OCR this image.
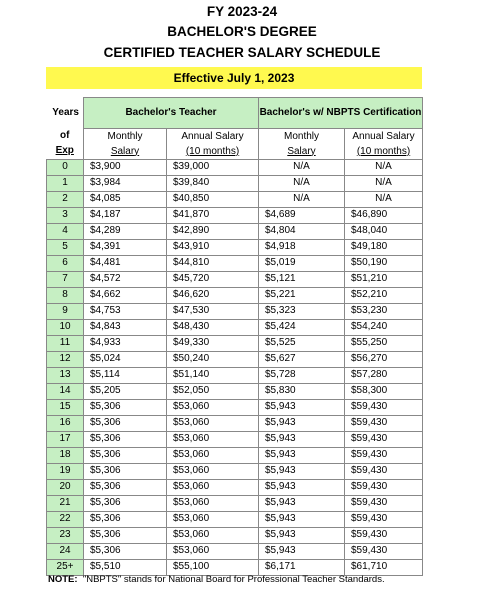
FY 2023-24
BACHELOR'S DEGREE
CERTIFIED TEACHER SALARY SCHEDULE
Effective July 1, 2023
Years	Bachelor's Teacher		Bachelor's w/ NBPTS Certification	
of	Monthly	Annual Salary	Monthly	Annual Salary
Exp	Salary	(10 months)	Salary	(10 months)
0	$3,900	$39,000	N/A	N/A
1	$3,984	$39,840	N/A	N/A
2	$4,085	$40,850	N/A	N/A
3	$4,187	$41,870	$4,689	$46,890
4	$4,289	$42,890	$4,804	$48,040
5	$4,391	$43,910	$4,918	$49,180
6	$4,481	$44,810	$5,019	$50,190
7	$4,572	$45,720	$5,121	$51,210
8	$4,662	$46,620	$5,221	$52,210
9	$4,753	$47,530	$5,323	$53,230
10	$4,843	$48,430	$5,424	$54,240
11	$4,933	$49,330	$5,525	$55,250
12	$5,024	$50,240	$5,627	$56,270
13	$5,114	$51,140	$5,728	$57,280
14	$5,205	$52,050	$5,830	$58,300
15	$5,306	$53,060	$5,943	$59,430
16	$5,306	$53,060	$5,943	$59,430
17	$5,306	$53,060	$5,943	$59,430
18	$5,306	$53,060	$5,943	$59,430
19	$5,306	$53,060	$5,943	$59,430
20	$5,306	$53,060	$5,943	$59,430
21	$5,306	$53,060	$5,943	$59,430
22	$5,306	$53,060	$5,943	$59,430
23	$5,306	$53,060	$5,943	$59,430
24	$5,306	$53,060	$5,943	$59,430
25+	$5,510	$55,100	$6,171	$61,710
NOTE: "NBPTS" stands for National Board for Professional Teacher Standards.
